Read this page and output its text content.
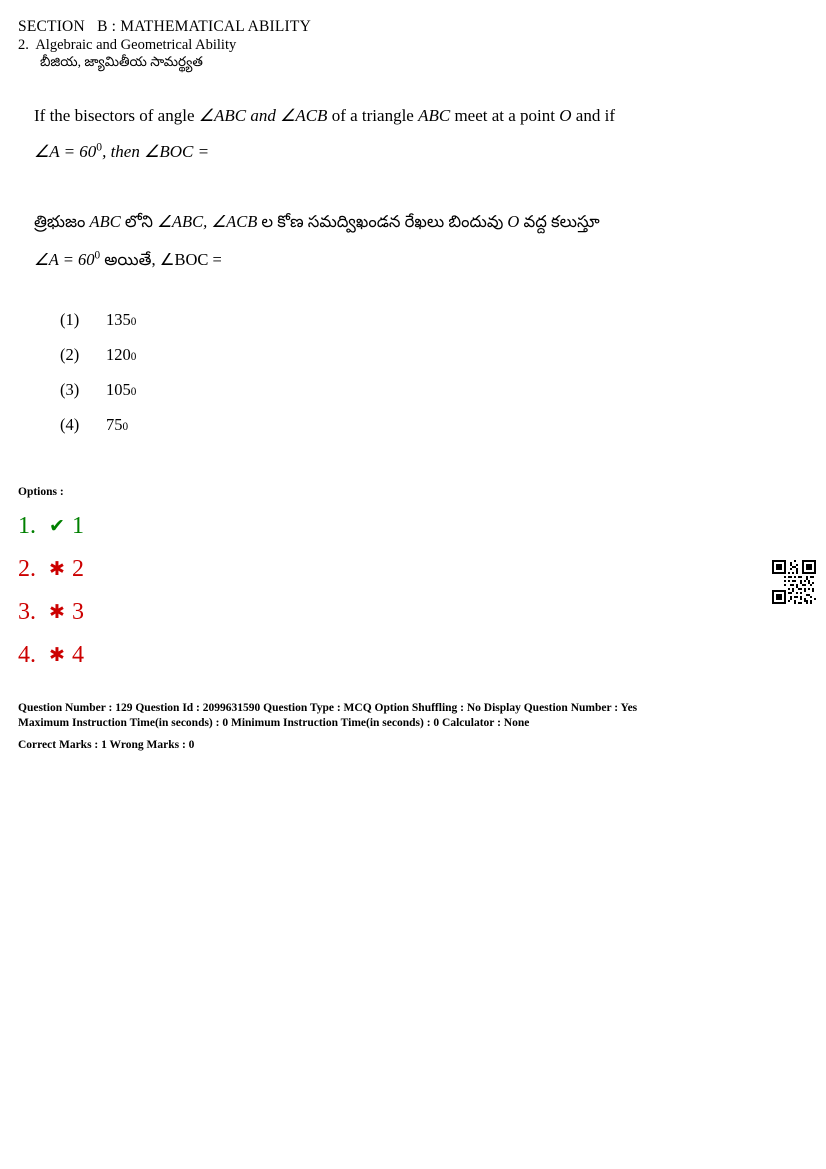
SECTION   B : MATHEMATICAL ABILITY
2.  Algebraic and Geometrical Ability
బీజియ, జ్యామితీయ సామర్థ్యత
If the bisectors of angle ∠ABC and ∠ACB of a triangle ABC meet at a point O and if
∠A = $60^0$, then ∠BOC =
త్రిభుజం ABC లోని ∠ABC, ∠ACB ల కోణ సమద్విఖండన రేఖలు బిందువు O వద్ద కలుస్తూ
∠A = $60^0$ అయితే, ∠BOC =
(1)	135 0
(2)	120 0
(3)	105 0
(4)	75 0
Options :
1. ✔ 1
2. ✱ 2
3. ✱ 3
4. ✱ 4
Question Number : 129 Question Id : 2099631590 Question Type : MCQ Option Shuffling : No Display Question Number : Yes
Maximum Instruction Time(in seconds) : 0 Minimum Instruction Time(in seconds) : 0 Calculator : None
Correct Marks : 1 Wrong Marks : 0
